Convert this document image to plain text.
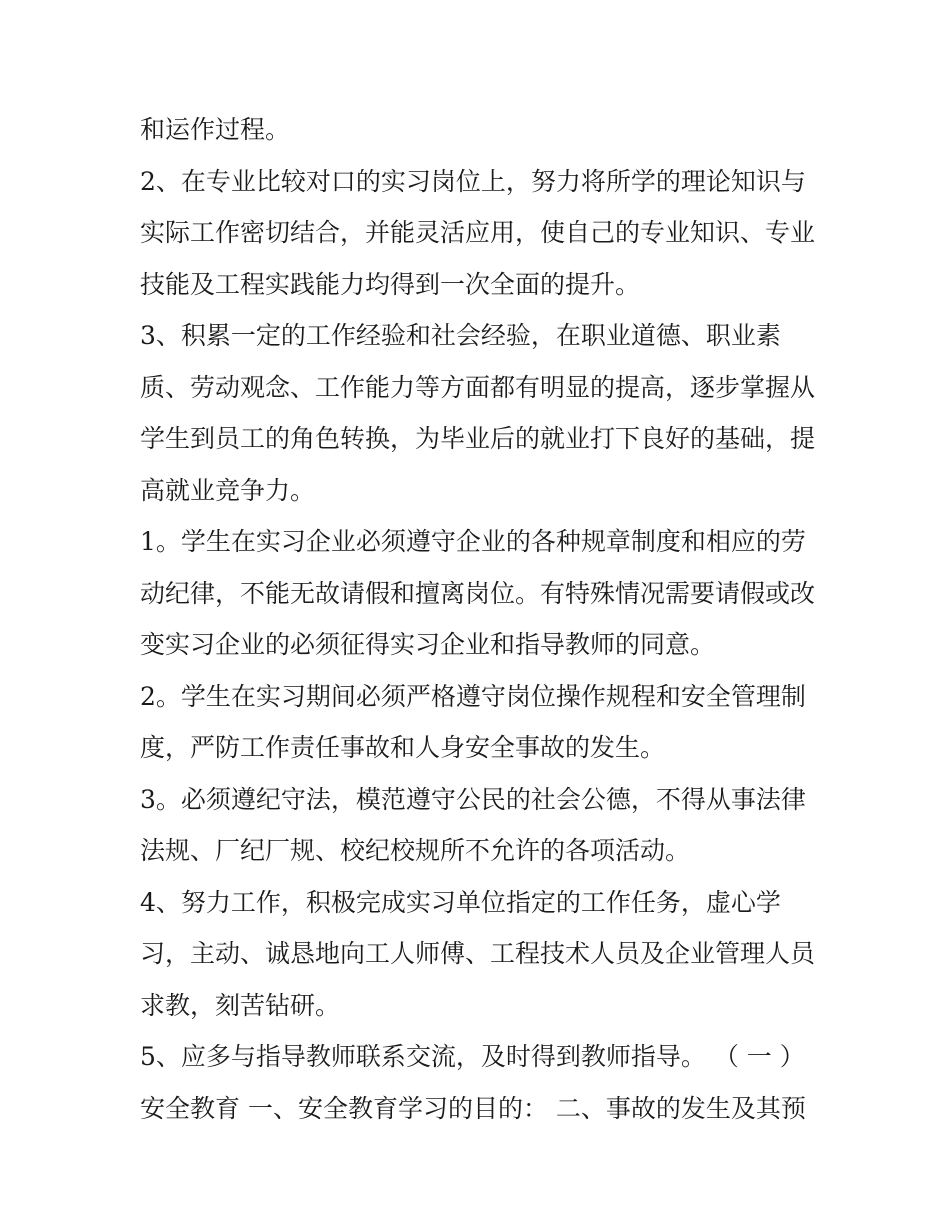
和运作过程。
2、在专业比较对口的实习岗位上，努力将所学的理论知识与
实际工作密切结合，并能灵活应用，使自己的专业知识、专业
技能及工程实践能力均得到一次全面的提升。
3、积累一定的工作经验和社会经验，在职业道德、职业素
质、劳动观念、工作能力等方面都有明显的提高，逐步掌握从
学生到员工的角色转换，为毕业后的就业打下良好的基础，提
高就业竞争力。
1。学生在实习企业必须遵守企业的各种规章制度和相应的劳
动纪律，不能无故请假和擅离岗位。有特殊情况需要请假或改
变实习企业的必须征得实习企业和指导教师的同意。
2。学生在实习期间必须严格遵守岗位操作规程和安全管理制
度，严防工作责任事故和人身安全事故的发生。
3。必须遵纪守法，模范遵守公民的社会公德，不得从事法律
法规、厂纪厂规、校纪校规所不允许的各项活动。
4、努力工作，积极完成实习单位指定的工作任务，虚心学
习，主动、诚恳地向工人师傅、工程技术人员及企业管理人员
求教，刻苦钻研。
5、应多与指导教师联系交流，及时得到教师指导。 （ 一 ）
安全教育 一、安全教育学习的目的： 二、事故的发生及其预
